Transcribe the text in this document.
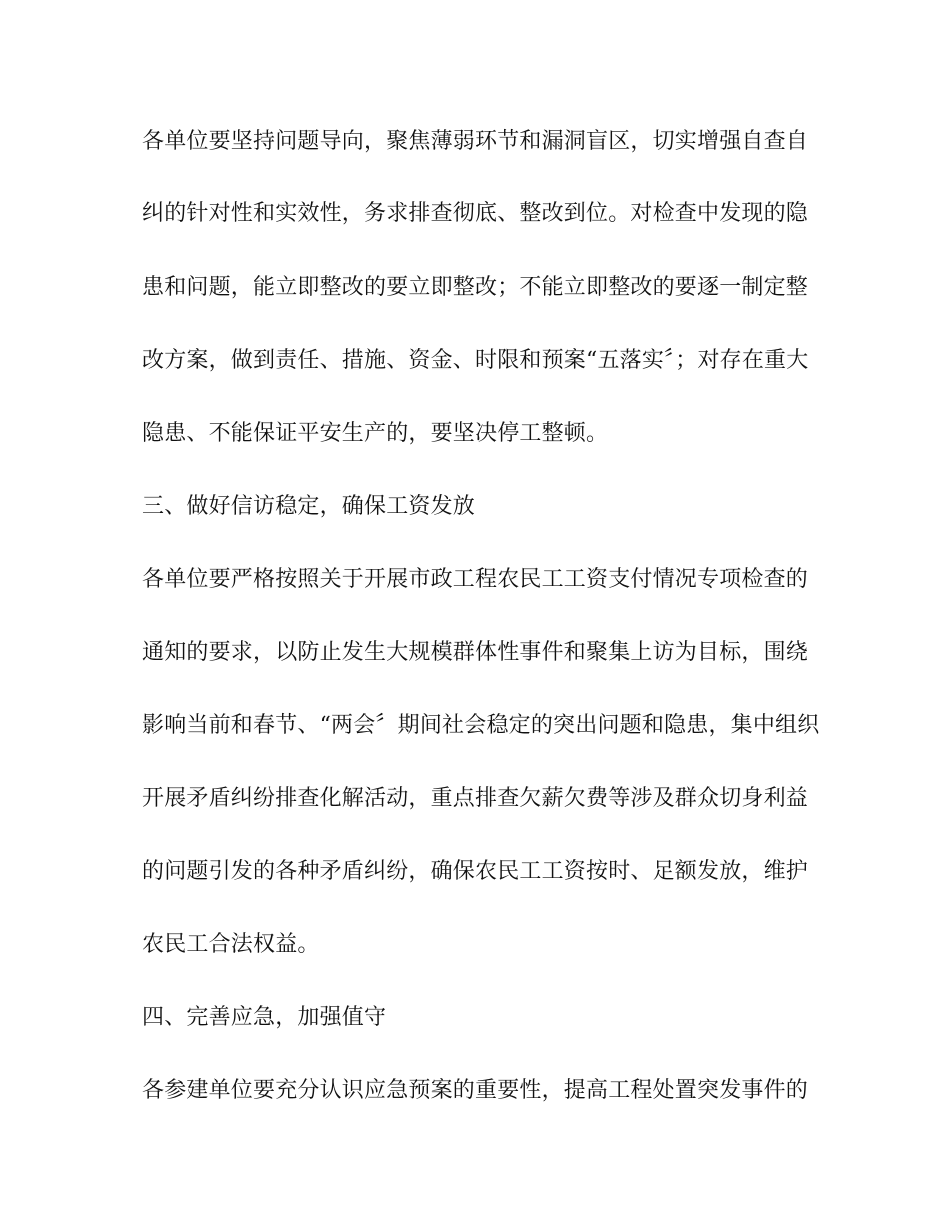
各单位要坚持问题导向，聚焦薄弱环节和漏洞盲区，切实增强自查自
纠的针对性和实效性，务求排查彻底、整改到位。对检查中发现的隐
患和问题，能立即整改的要立即整改；不能立即整改的要逐一制定整
改方案，做到责任、措施、资金、时限和预案“五落实〞；对存在重大
隐患、不能保证平安生产的，要坚决停工整顿。
三、做好信访稳定，确保工资发放
各单位要严格按照关于开展市政工程农民工工资支付情况专项检查的
通知的要求，以防止发生大规模群体性事件和聚集上访为目标，围绕
影响当前和春节、“两会〞期间社会稳定的突出问题和隐患，集中组织
开展矛盾纠纷排查化解活动，重点排查欠薪欠费等涉及群众切身利益
的问题引发的各种矛盾纠纷，确保农民工工资按时、足额发放，维护
农民工合法权益。
四、完善应急，加强值守
各参建单位要充分认识应急预案的重要性，提高工程处置突发事件的
